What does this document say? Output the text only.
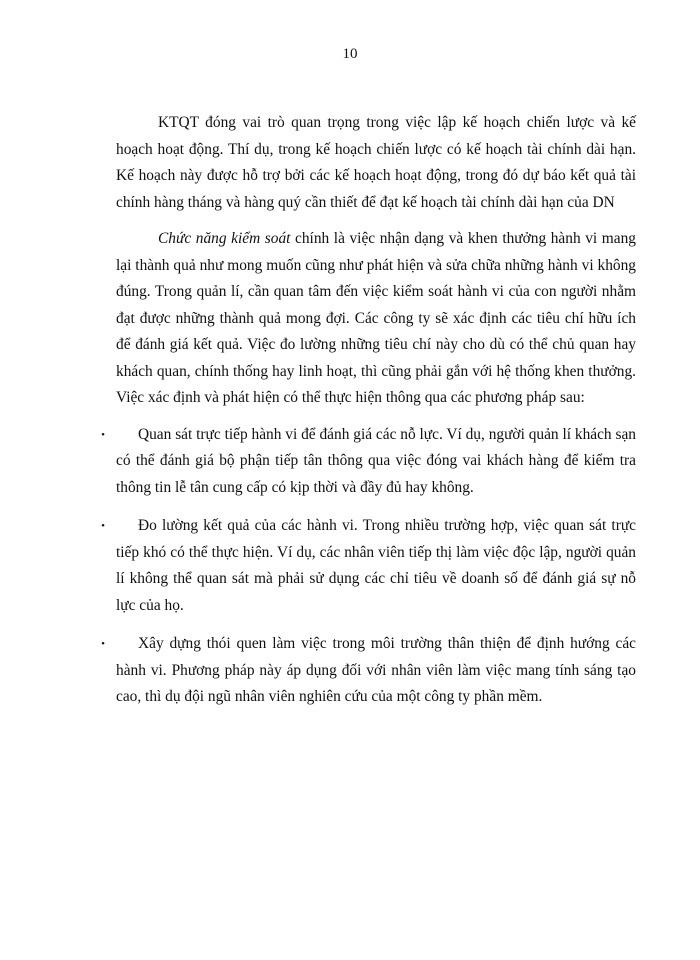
10

KTQT đóng vai trò quan trọng trong việc lập kế hoạch chiến lược và kế hoạch hoạt động. Thí dụ, trong kế hoạch chiến lược có kế hoạch tài chính dài hạn. Kế hoạch này được hỗ trợ bởi các kế hoạch hoạt động, trong đó dự báo kết quả tài chính hàng tháng và hàng quý cần thiết để đạt kế hoạch tài chính dài hạn của DN

Chức năng kiểm soát chính là việc nhận dạng và khen thưởng hành vi mang lại thành quả như mong muốn cũng như phát hiện và sửa chữa những hành vi không đúng. Trong quản lí, cần quan tâm đến việc kiểm soát hành vi của con người nhằm đạt được những thành quả mong đợi. Các công ty sẽ xác định các tiêu chí hữu ích để đánh giá kết quả. Việc đo lường những tiêu chí này cho dù có thể chủ quan hay khách quan, chính thống hay linh hoạt, thì cũng phải gắn với hệ thống khen thưởng. Việc xác định và phát hiện có thể thực hiện thông qua các phương pháp sau:

•	Quan sát trực tiếp hành vi để đánh giá các nỗ lực. Ví dụ, người quản lí khách sạn có thể đánh giá bộ phận tiếp tân thông qua việc đóng vai khách hàng để kiểm tra thông tin lễ tân cung cấp có kịp thời và đầy đủ hay không.
•	Đo lường kết quả của các hành vi. Trong nhiều trường hợp, việc quan sát trực tiếp khó có thể thực hiện. Ví dụ, các nhân viên tiếp thị làm việc độc lập, người quản lí không thể quan sát mà phải sử dụng các chỉ tiêu về doanh số để đánh giá sự nỗ lực của họ.
•	Xây dựng thói quen làm việc trong môi trường thân thiện để định hướng các hành vi. Phương pháp này áp dụng đối với nhân viên làm việc mang tính sáng tạo cao, thì dụ đội ngũ nhân viên nghiên cứu của một công ty phần mềm.
